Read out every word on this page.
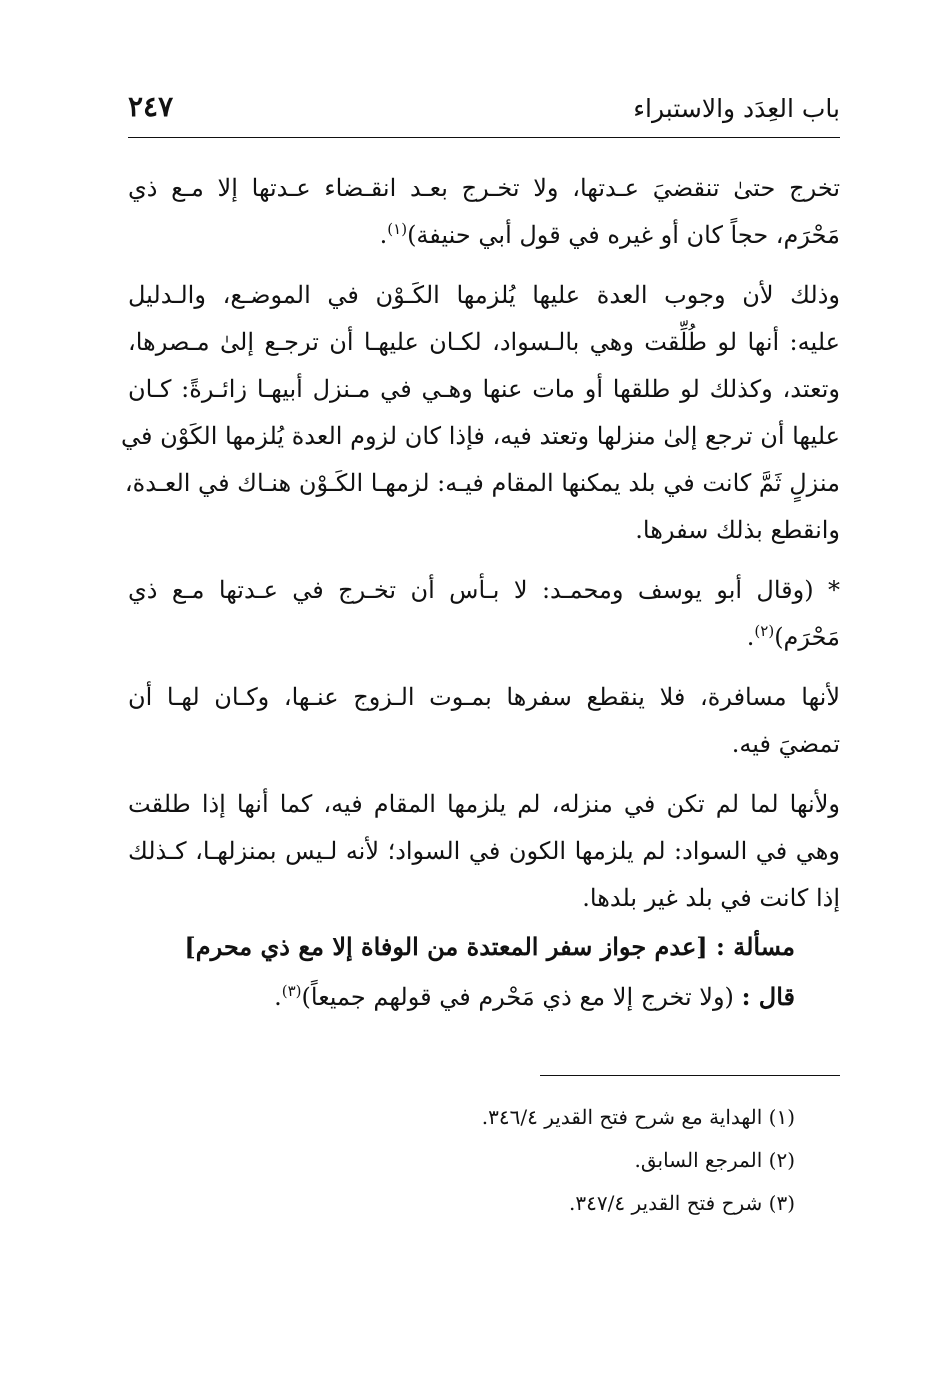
باب العِدَد والاستبراء
٢٤٧

تخرج حتىٰ تنقضيَ عـدتها، ولا تخـرج بعـد انقـضاء عـدتها إلا مـع ذي
مَحْرَم، حجاً كان أو غيره في قول أبي حنيفة)$^{(١)}$.

وذلك لأن وجوب العدة عليها يُلزمها الكَـوْن في الموضـع، والـدليل
عليه: أنها لو طُلِّقت وهي بالـسواد، لكـان عليهـا أن ترجـع إلىٰ مـصرها،
وتعتد، وكذلك لو طلقها أو مات عنها وهـي في مـنزل أبيهـا زائـرةً: كـان
عليها أن ترجع إلىٰ منزلها وتعتد فيه، فإذا كان لزوم العدة يُلزمها الكَوْن في
منزلٍ ثَمَّ كانت في بلد يمكنها المقام فيـه: لزمهـا الكَـوْن هنـاك في العـدة،
وانقطع بذلك سفرها.

* (وقال أبو يوسف ومحمـد: لا بـأس أن تخـرج في عـدتها مـع ذي
مَحْرَم)$^{(٢)}$.

لأنها مسافرة، فلا ينقطع سفرها بمـوت الـزوج عنـها، وكـان لهـا أن
تمضيَ فيه.

ولأنها لما لم تكن في منزله، لم يلزمها المقام فيه، كما أنها إذا طلقت
وهي في السواد: لم يلزمها الكون في السواد؛ لأنه لـيس بمنزلهـا، كـذلك
إذا كانت في بلد غير بلدها.

مسألة : [عدم جواز سفر المعتدة من الوفاة إلا مع ذي محرم]
قال : (ولا تخرج إلا مع ذي مَحْرم في قولهم جميعاً)$^{(٣)}$.
(١) الهداية مع شرح فتح القدير ٣٤٦/٤.
(٢) المرجع السابق.
(٣) شرح فتح القدير ٣٤٧/٤.
